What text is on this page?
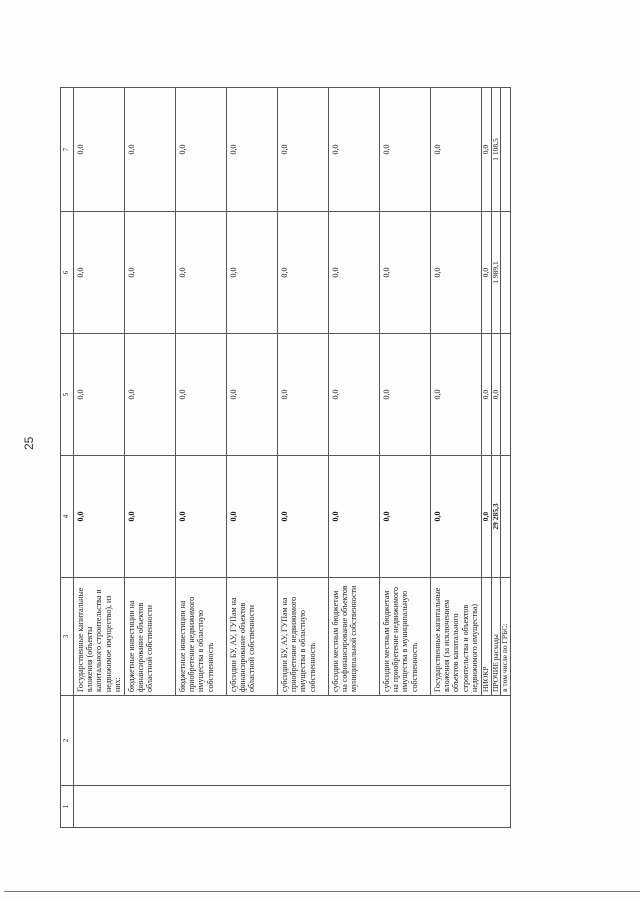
25
1	2	3	4	5	6	7
		Государственные капитальные вложения (объекты капитального строительства и недвижимое имущество), из них:	0,0	0,0	0,0	0,0
		бюджетные инвестиции на финансирование объектов областной собственности	0,0	0,0	0,0	0,0
		бюджетные инвестиции на приобретение недвижимого имущества в областную собственность	0,0	0,0	0,0	0,0
		субсидии БУ, АУ, ГУПам на финансирование объектов областной собственности	0,0	0,0	0,0	0,0
		субсидии БУ, АУ, ГУПам на приобретение недвижимого имущества в областную собственность	0,0	0,0	0,0	0,0
		субсидии местным бюджетам на софинансирование объектов муниципальной собственности	0,0	0,0	0,0	0,0
		субсидии местным бюджетам на приобретение недвижимого имущества в муниципальную собственность	0,0	0,0	0,0	0,0
		Государственные капитальные вложения (за исключением объектов капитального строительства и объектов недвижимого имущества)	0,0	0,0	0,0	0,0
		НИОКР	0,0	0,0	0,0	0,0
		ПРОЧИЕ расходы	29 285,3	0,0	1 989,1	1 108,5
		в том числе по ГРБС:				
